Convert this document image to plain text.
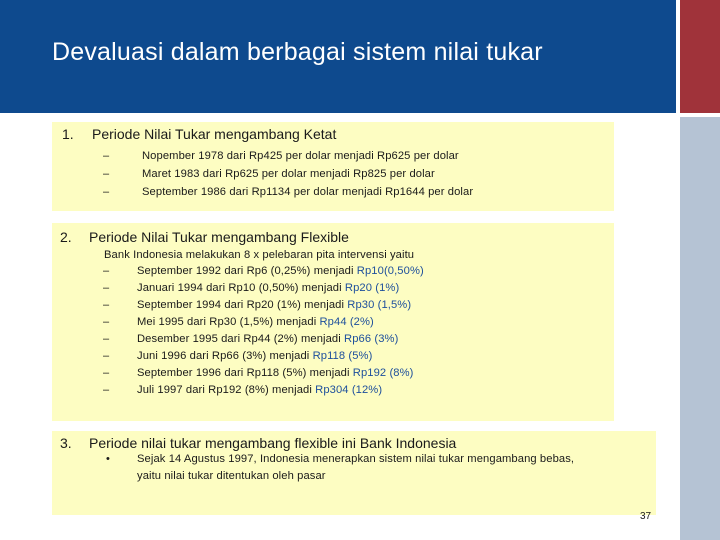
Devaluasi dalam berbagai sistem nilai tukar
1. Periode Nilai Tukar mengambang Ketat
–	Nopember 1978 dari Rp425 per dolar menjadi Rp625 per dolar
–	Maret 1983 dari Rp625 per dolar menjadi Rp825 per dolar
–	September 1986 dari Rp1134 per dolar menjadi Rp1644 per dolar
2. Periode Nilai Tukar mengambang Flexible
Bank Indonesia melakukan 8 x pelebaran pita intervensi yaitu
– September 1992 dari Rp6 (0,25%) menjadi Rp10(0,50%)
– Januari 1994 dari Rp10 (0,50%) menjadi Rp20 (1%)
– September 1994 dari Rp20 (1%) menjadi Rp30 (1,5%)
– Mei 1995 dari Rp30 (1,5%) menjadi Rp44 (2%)
– Desember 1995 dari Rp44 (2%) menjadi Rp66 (3%)
– Juni 1996 dari Rp66 (3%) menjadi Rp118 (5%)
– September 1996 dari Rp118 (5%) menjadi Rp192 (8%)
– Juli 1997 dari Rp192 (8%) menjadi Rp304 (12%)
3. Periode nilai tukar mengambang flexible ini Bank Indonesia
• Sejak 14 Agustus 1997, Indonesia menerapkan sistem nilai tukar mengambang bebas,
yaitu nilai tukar ditentukan oleh pasar
37
